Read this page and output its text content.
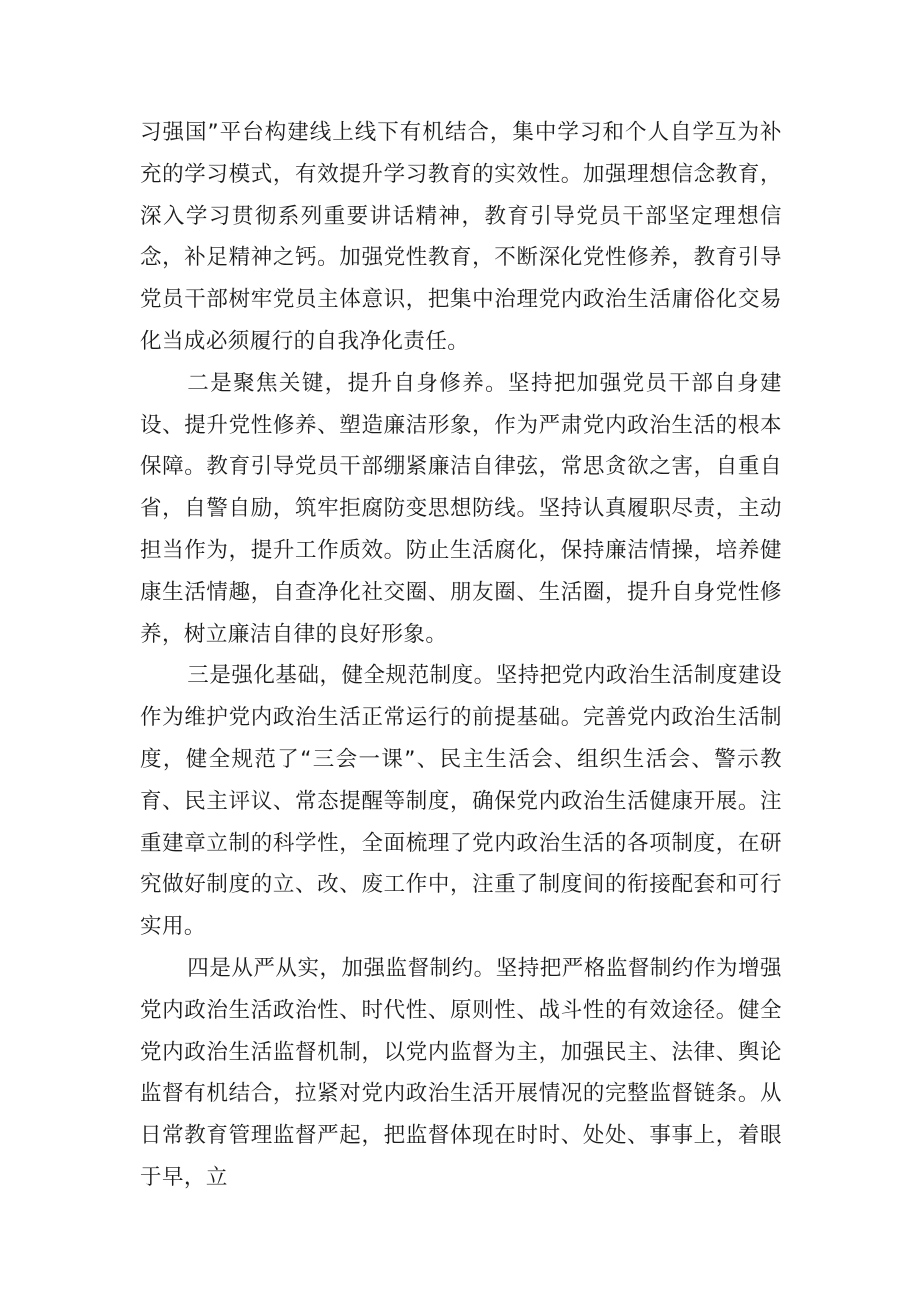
习强国”平台构建线上线下有机结合，集中学习和个人自学互为补充的学习模式，有效提升学习教育的实效性。加强理想信念教育，深入学习贯彻系列重要讲话精神，教育引导党员干部坚定理想信念，补足精神之钙。加强党性教育，不断深化党性修养，教育引导党员干部树牢党员主体意识，把集中治理党内政治生活庸俗化交易化当成必须履行的自我净化责任。

二是聚焦关键，提升自身修养。坚持把加强党员干部自身建设、提升党性修养、塑造廉洁形象，作为严肃党内政治生活的根本保障。教育引导党员干部绷紧廉洁自律弦，常思贪欲之害，自重自省，自警自励，筑牢拒腐防变思想防线。坚持认真履职尽责，主动担当作为，提升工作质效。防止生活腐化，保持廉洁情操，培养健康生活情趣，自查净化社交圈、朋友圈、生活圈，提升自身党性修养，树立廉洁自律的良好形象。

三是强化基础，健全规范制度。坚持把党内政治生活制度建设作为维护党内政治生活正常运行的前提基础。完善党内政治生活制度，健全规范了“三会一课”、民主生活会、组织生活会、警示教育、民主评议、常态提醒等制度，确保党内政治生活健康开展。注重建章立制的科学性，全面梳理了党内政治生活的各项制度，在研究做好制度的立、改、废工作中，注重了制度间的衔接配套和可行实用。

四是从严从实，加强监督制约。坚持把严格监督制约作为增强党内政治生活政治性、时代性、原则性、战斗性的有效途径。健全党内政治生活监督机制，以党内监督为主，加强民主、法律、舆论监督有机结合，拉紧对党内政治生活开展情况的完整监督链条。从日常教育管理监督严起，把监督体现在时时、处处、事事上，着眼于早，立
